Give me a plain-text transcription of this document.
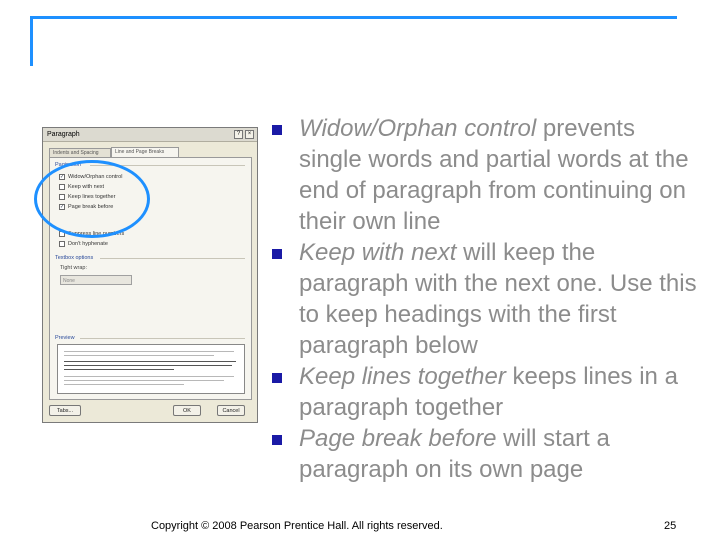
Paragraph	?	×
Indents and Spacing	Line and Page Breaks
Pagination
✓ Widow/Orphan control
Keep with next
Keep lines together
✓ Page break before
Suppress line numbers
Don't hyphenate
Textbox options
Tight wrap:
None
Preview
Tabs...	OK	Cancel
Widow/Orphan control prevents single words and partial words at the end of paragraph from continuing on their own line
Keep with next will keep the paragraph with the next one. Use this to keep headings with the first paragraph below
Keep lines together keeps lines in a paragraph together
Page break before will start a paragraph on its own page
Copyright © 2008 Pearson Prentice Hall. All rights reserved.	25
